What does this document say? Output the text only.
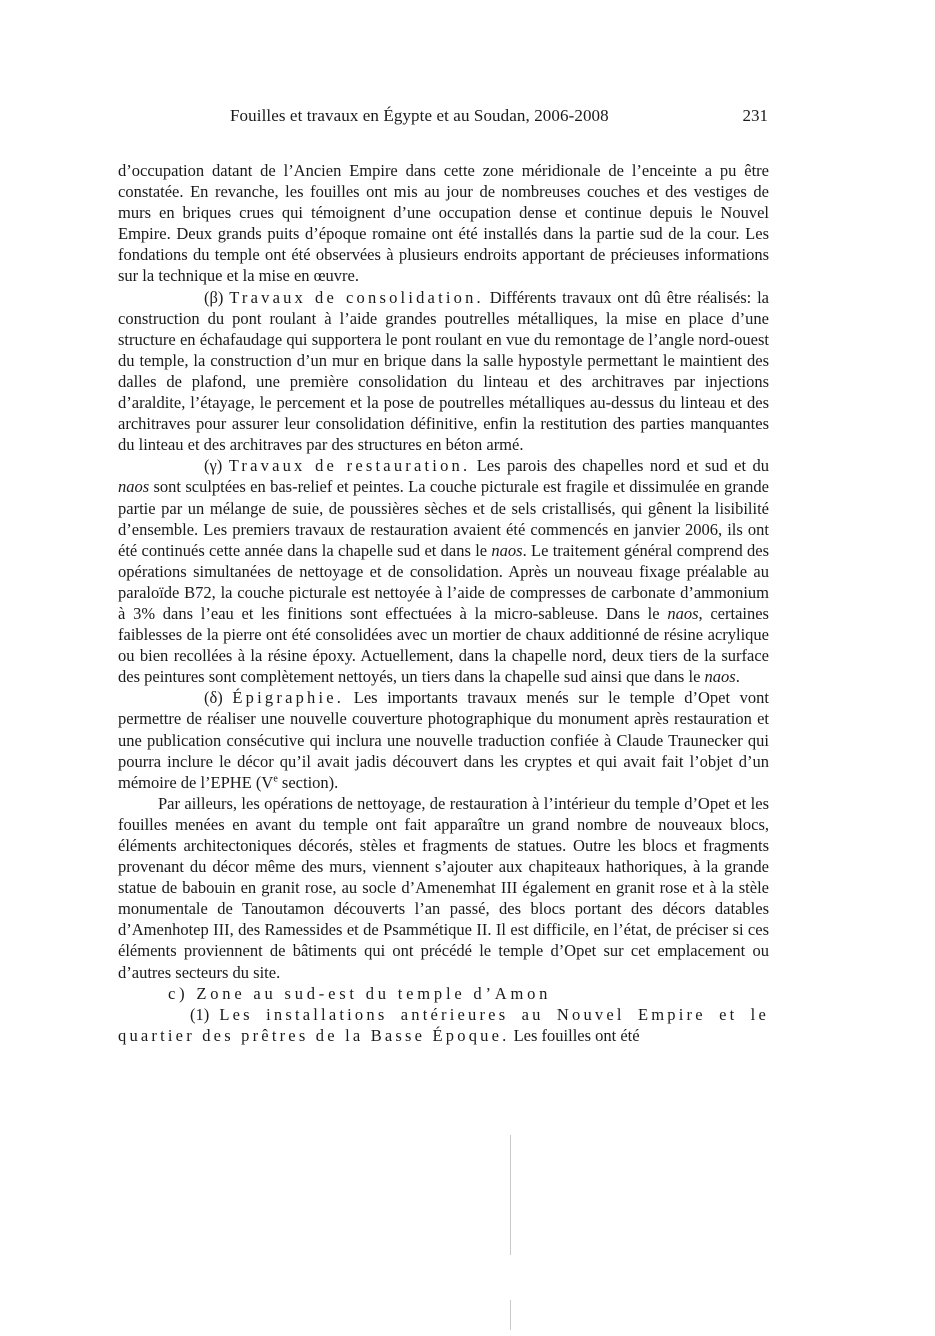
Fouilles et travaux en Égypte et au Soudan, 2006-2008	231

d’occupation datant de l’Ancien Empire dans cette zone méridionale de l’enceinte a pu être constatée. En revanche, les fouilles ont mis au jour de nombreuses couches et des vestiges de murs en briques crues qui témoignent d’une occupation dense et continue depuis le Nouvel Empire. Deux grands puits d’époque romaine ont été installés dans la partie sud de la cour. Les fondations du temple ont été observées à plusieurs endroits apportant de précieuses informations sur la technique et la mise en œuvre.

(β) Travaux de consolidation. Différents travaux ont dû être réalisés: la construction du pont roulant à l’aide grandes poutrelles métalliques, la mise en place d’une structure en échafaudage qui supportera le pont roulant en vue du remontage de l’angle nord-ouest du temple, la construction d’un mur en brique dans la salle hypostyle permettant le maintient des dalles de plafond, une première consolidation du linteau et des architraves par injections d’araldite, l’étayage, le percement et la pose de poutrelles métalliques au-dessus du linteau et des architraves pour assurer leur consolidation définitive, enfin la restitution des parties manquantes du linteau et des architraves par des structures en béton armé.

(γ) Travaux de restauration. Les parois des chapelles nord et sud et du naos sont sculptées en bas-relief et peintes. La couche picturale est fragile et dissimulée en grande partie par un mélange de suie, de poussières sèches et de sels cristallisés, qui gênent la lisibilité d’ensemble. Les premiers travaux de restauration avaient été commencés en janvier 2006, ils ont été continués cette année dans la chapelle sud et dans le naos. Le traitement général comprend des opérations simultanées de nettoyage et de consolidation. Après un nouveau fixage préalable au paraloïde B72, la couche picturale est nettoyée à l’aide de compresses de carbonate d’ammonium à 3% dans l’eau et les finitions sont effectuées à la micro-sableuse. Dans le naos, certaines faiblesses de la pierre ont été consolidées avec un mortier de chaux additionné de résine acrylique ou bien recollées à la résine époxy. Actuellement, dans la chapelle nord, deux tiers de la surface des peintures sont complètement nettoyés, un tiers dans la chapelle sud ainsi que dans le naos.

(δ) Épigraphie. Les importants travaux menés sur le temple d’Opet vont permettre de réaliser une nouvelle couverture photographique du monument après restauration et une publication consécutive qui inclura une nouvelle traduction confiée à Claude Traunecker qui pourra inclure le décor qu’il avait jadis découvert dans les cryptes et qui avait fait l’objet d’un mémoire de l’EPHE (Ve section).

Par ailleurs, les opérations de nettoyage, de restauration à l’intérieur du temple d’Opet et les fouilles menées en avant du temple ont fait apparaître un grand nombre de nouveaux blocs, éléments architectoniques décorés, stèles et fragments de statues. Outre les blocs et fragments provenant du décor même des murs, viennent s’ajouter aux chapiteaux hathoriques, à la grande statue de babouin en granit rose, au socle d’Amenemhat III également en granit rose et à la stèle monumentale de Tanoutamon découverts l’an passé, des blocs portant des décors datables d’Amenhotep III, des Ramessides et de Psammétique II. Il est difficile, en l’état, de préciser si ces éléments proviennent de bâtiments qui ont précédé le temple d’Opet sur cet emplacement ou d’autres secteurs du site.

c) Zone au sud-est du temple d’Amon

(1) Les installations antérieures au Nouvel Empire et le quartier des prêtres de la Basse Époque. Les fouilles ont été
